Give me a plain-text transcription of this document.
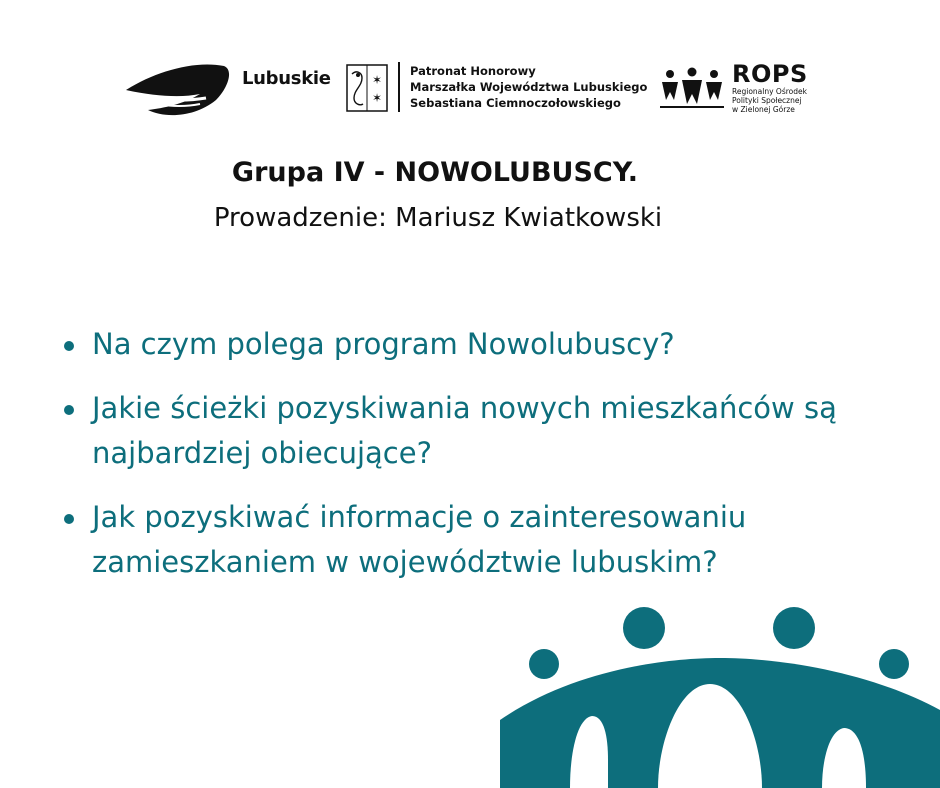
Lubuskie	✶
✶
Patronat Honorowy
Marszałka Województwa Lubuskiego
Sebastiana Ciemnoczołowskiego
ROPS
Regionalny Ośrodek
Polityki Społecznej
w Zielonej Górze
Grupa IV - NOWOLUBUSCY.
Prowadzenie: Mariusz Kwiatkowski
Na czym polega program Nowolubuscy?
Jakie ścieżki pozyskiwania nowych mieszkańców są najbardziej obiecujące?
Jak pozyskiwać informacje o zainteresowaniu zamieszkaniem w województwie lubuskim?
